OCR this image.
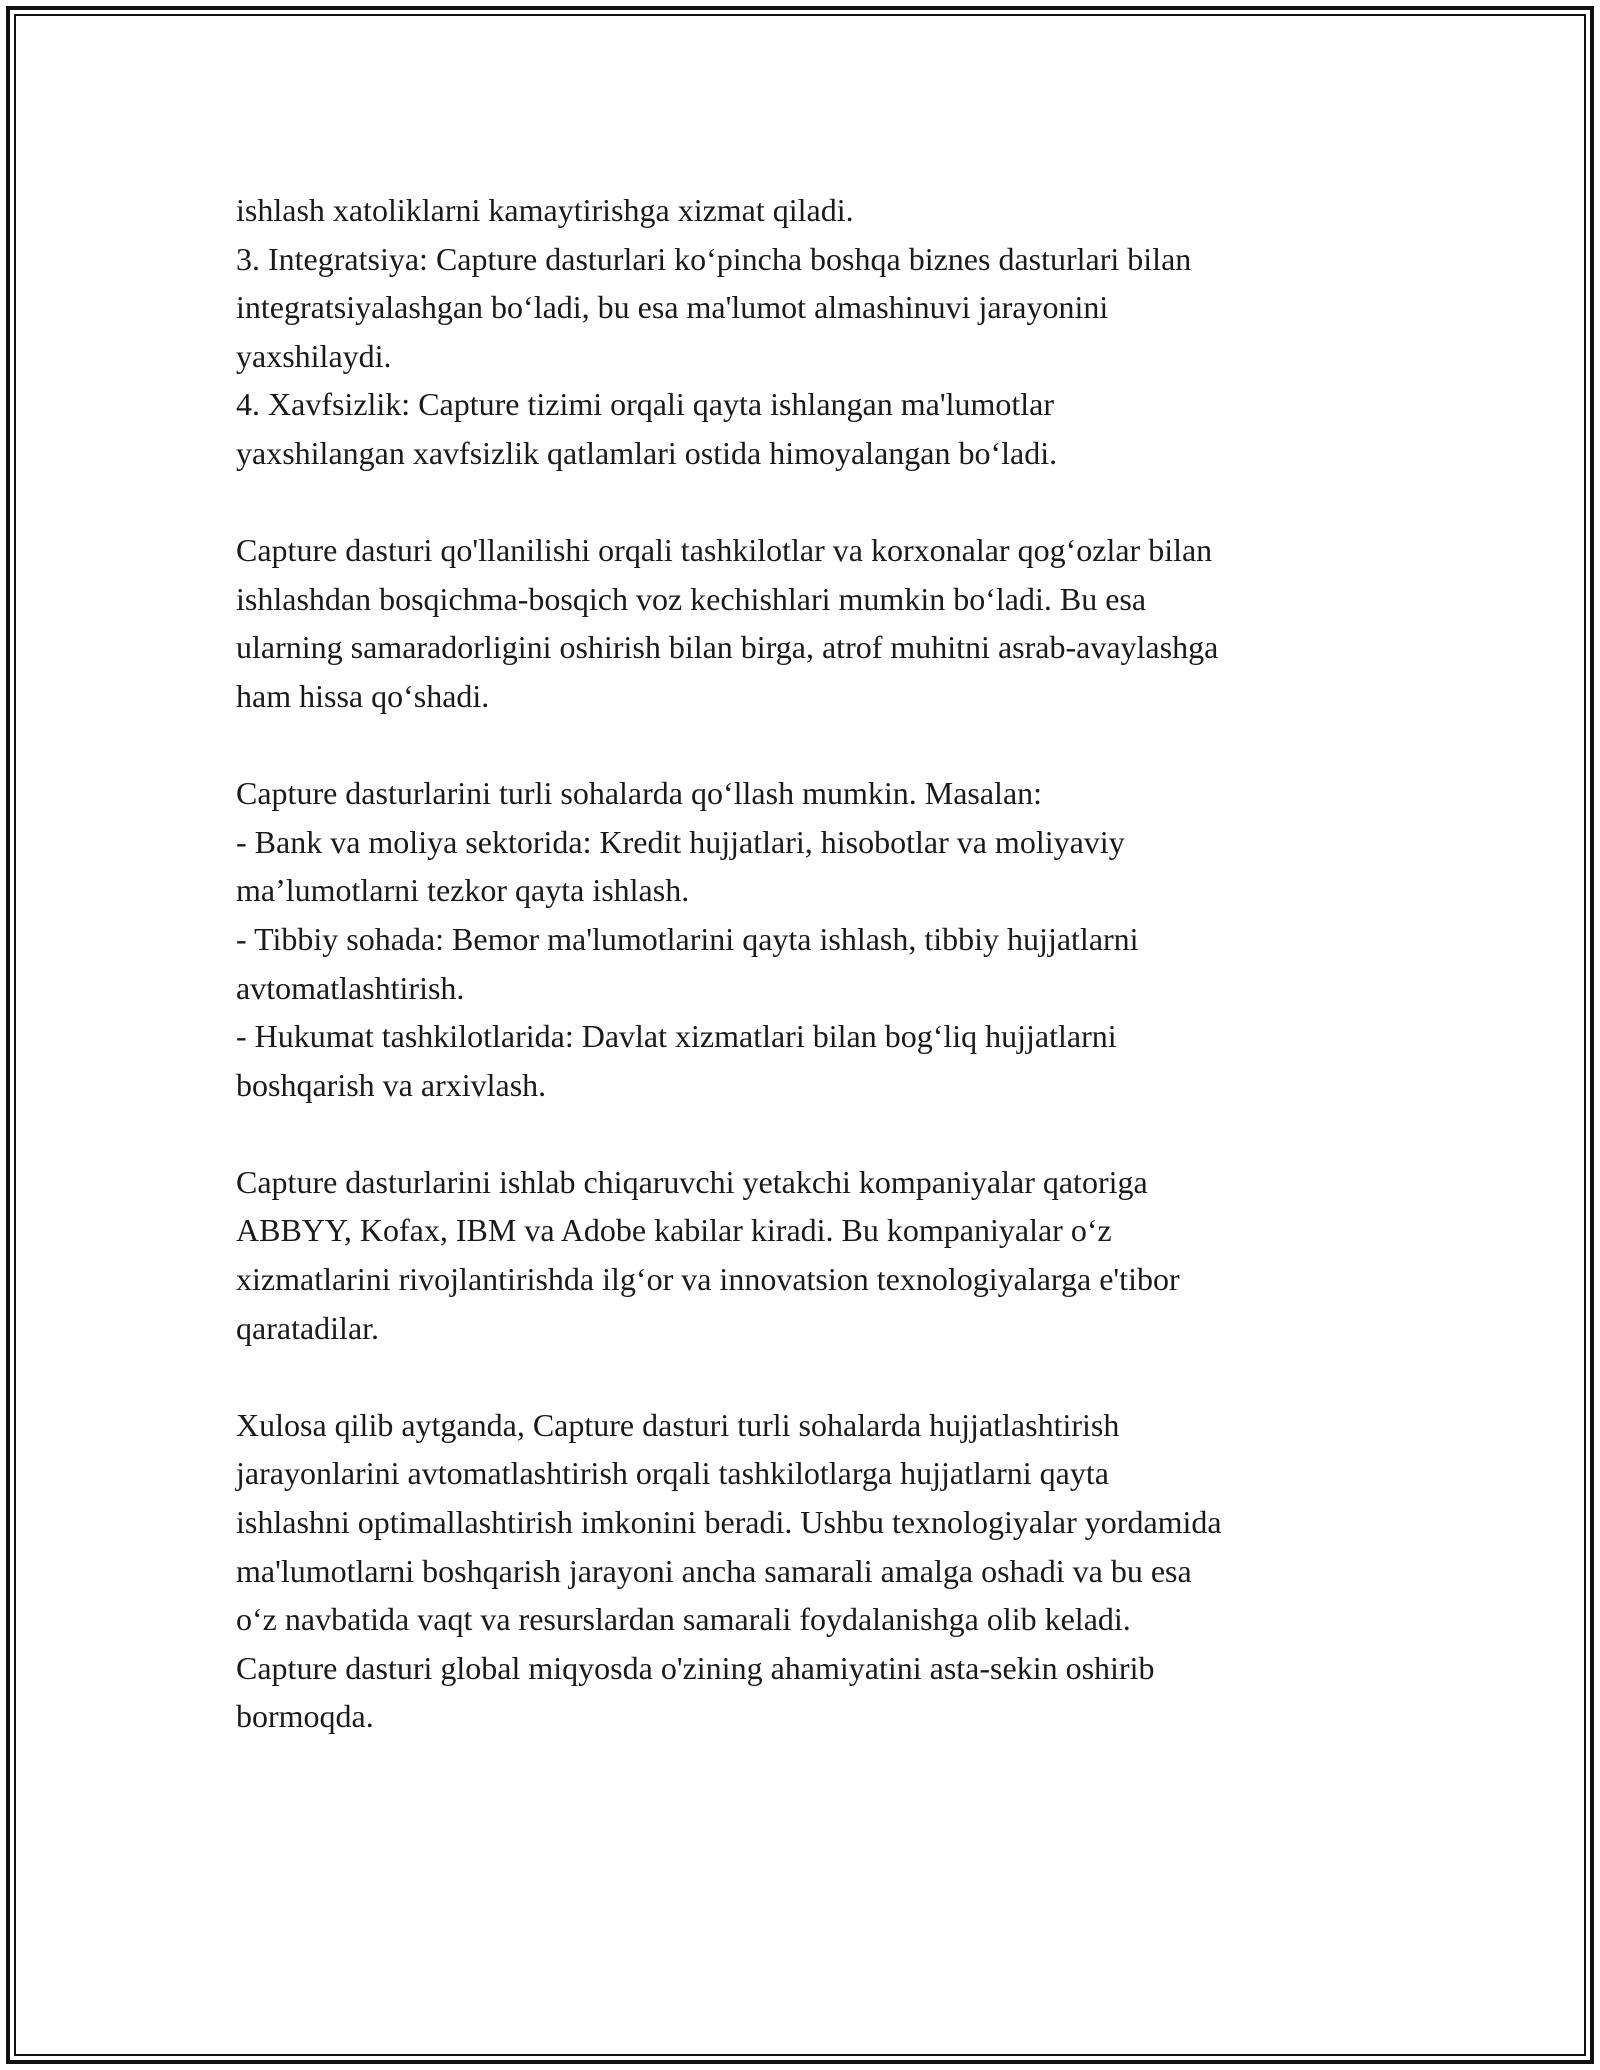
ishlash xatoliklarni kamaytirishga xizmat qiladi.
3. Integratsiya: Capture dasturlari ko‘pincha boshqa biznes dasturlari bilan
integratsiyalashgan bo‘ladi, bu esa ma'lumot almashinuvi jarayonini
yaxshilaydi.
4. Xavfsizlik: Capture tizimi orqali qayta ishlangan ma'lumotlar
yaxshilangan xavfsizlik qatlamlari ostida himoyalangan bo‘ladi.
Capture dasturi qo'llanilishi orqali tashkilotlar va korxonalar qog‘ozlar bilan
ishlashdan bosqichma-bosqich voz kechishlari mumkin bo‘ladi. Bu esa
ularning samaradorligini oshirish bilan birga, atrof muhitni asrab-avaylashga
ham hissa qo‘shadi.
Capture dasturlarini turli sohalarda qo‘llash mumkin. Masalan:
- Bank va moliya sektorida: Kredit hujjatlari, hisobotlar va moliyaviy
ma’lumotlarni tezkor qayta ishlash.
- Tibbiy sohada: Bemor ma'lumotlarini qayta ishlash, tibbiy hujjatlarni
avtomatlashtirish.
- Hukumat tashkilotlarida: Davlat xizmatlari bilan bog‘liq hujjatlarni
boshqarish va arxivlash.
Capture dasturlarini ishlab chiqaruvchi yetakchi kompaniyalar qatoriga
ABBYY, Kofax, IBM va Adobe kabilar kiradi. Bu kompaniyalar o‘z
xizmatlarini rivojlantirishda ilg‘or va innovatsion texnologiyalarga e'tibor
qaratadilar.
Xulosa qilib aytganda, Capture dasturi turli sohalarda hujjatlashtirish
jarayonlarini avtomatlashtirish orqali tashkilotlarga hujjatlarni qayta
ishlashni optimallashtirish imkonini beradi. Ushbu texnologiyalar yordamida
ma'lumotlarni boshqarish jarayoni ancha samarali amalga oshadi va bu esa
o‘z navbatida vaqt va resurslardan samarali foydalanishga olib keladi.
Capture dasturi global miqyosda o'zining ahamiyatini asta-sekin oshirib
bormoqda.
